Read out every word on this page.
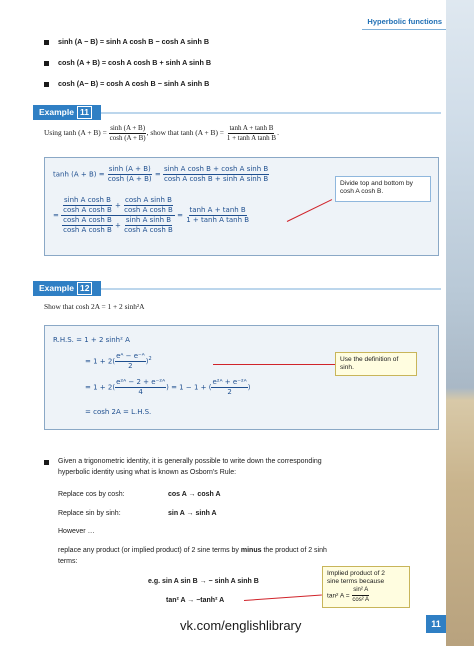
Hyperbolic functions
sinh (A − B) = sinh A cosh B − cosh A sinh B
cosh (A + B) = cosh A cosh B + sinh A sinh B
cosh (A− B) = cosh A cosh B − sinh A sinh B
Example 11
Using $\tanh (A + B) = \frac{\sinh (A + B)}{\cosh (A + B)}$ , show that $\tanh (A + B) = \frac{\text{tanh A + tanh B}}{\text{1 + tanh A tanh B}}$ .
$\tanh (A + B) = \frac{\sinh (A + B)}{\cosh (A + B)} = \frac{\text{sinh A cosh B + cosh A sinh B}}{\text{cosh A cosh B + sinh A sinh B}}$
=
$\frac{\text{sinh A cosh B}}{\text{cosh A cosh B}} + \frac{\text{cosh A sinh B}}{\text{cosh A cosh B}}$
$\frac{\text{cosh A cosh B}}{\text{cosh A cosh B}} + \frac{\text{sinh A sinh B}}{\text{cosh A cosh B}}$
= $\frac{\text{tanh A + tanh B}}{\text{1 + tanh A tanh B}}$
Divide top and bottom by cosh A cosh B.
Example 12
Show that cosh 2A = 1 + 2 sinh²A
R.H.S. = 1 + 2 sinh² A
= $1 + 2( \frac{\text{eᴬ − e⁻ᴬ}}{2} )^2$
= $1 + 2( \frac{\text{e²ᴬ − 2 + e⁻²ᴬ}}{4}$ ) = 1 − 1 + ( $\frac{\text{e²ᴬ + e⁻²ᴬ}}{2}$ )
= cosh 2A = L.H.S.
Use the definition of sinh.
Given a trigonometric identity, it is generally possible to write down the corresponding
hyperbolic identity using what is known as Osborn’s Rule:
Replace cos by cosh:	cos A → cosh A
Replace sin by sinh:	sin A → sinh A
However …
replace any product (or implied product) of 2 sine terms by minus the product of 2 sinh
terms:
e.g. sin A sin B → − sinh A sinh B
tan² A → −tanh² A
Implied product of 2
sine terms because
tan² $A = \frac{\text{sin² A}}{\text{cos² A}}$
vk.com/englishlibrary	11
